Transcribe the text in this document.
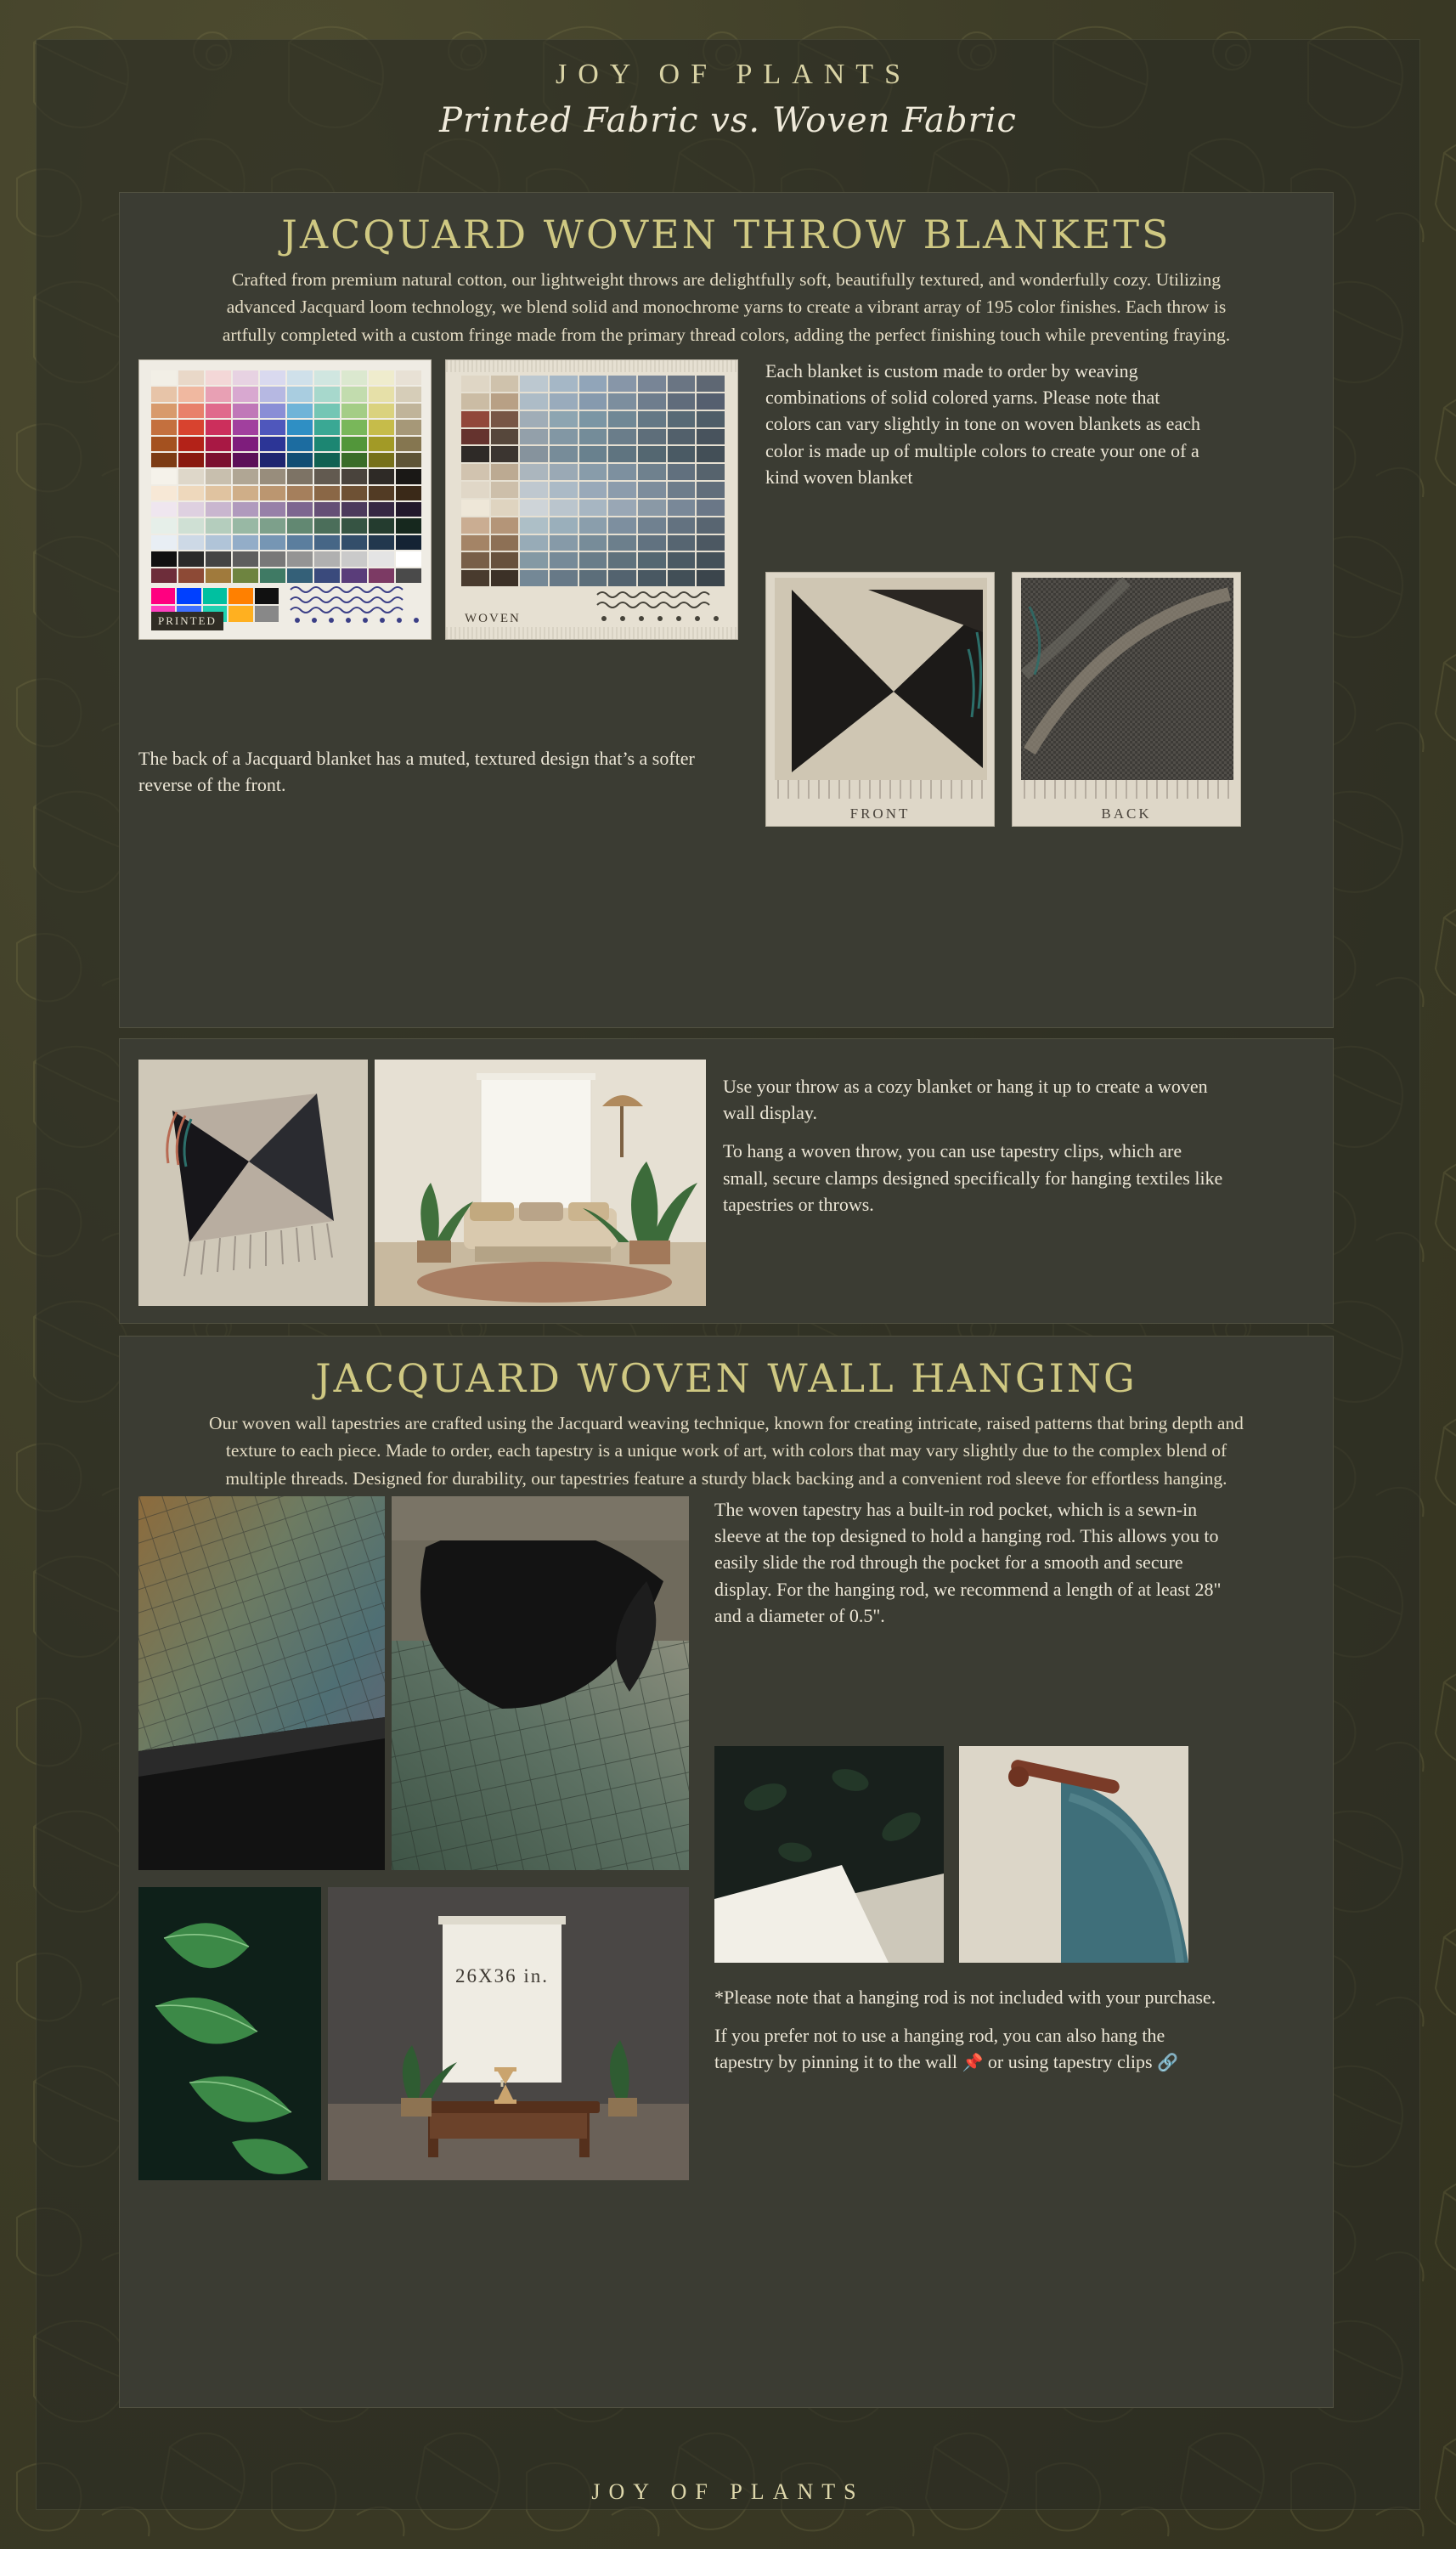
JOY OF PLANTS
Printed Fabric vs. Woven Fabric
JACQUARD WOVEN THROW BLANKETS

Crafted from premium natural cotton, our lightweight throws are delightfully soft, beautifully textured, and wonderfully cozy. Utilizing advanced Jacquard loom technology, we blend solid and monochrome yarns to create a vibrant array of 195 color finishes. Each throw is artfully completed with a custom fringe made from the primary thread colors, adding the perfect finishing touch while preventing fraying.

PRINTED	WOVEN

Each blanket is custom made to order by weaving combinations of solid colored yarns. Please note that colors can vary slightly in tone on woven blankets as each color is made up of multiple colors to create your one of a kind woven blanket

FRONT	BACK

The back of a Jacquard blanket has a muted, textured design that’s a softer reverse of the front.

Use your throw as a cozy blanket or hang it up to create a woven wall display.

To hang a woven throw, you can use tapestry clips, which are small, secure clamps designed specifically for hanging textiles like tapestries or throws.

JACQUARD WOVEN WALL HANGING

Our woven wall tapestries are crafted using the Jacquard weaving technique, known for creating intricate, raised patterns that bring depth and texture to each piece. Made to order, each tapestry is a unique work of art, with colors that may vary slightly due to the complex blend of multiple threads. Designed for durability, our tapestries feature a sturdy black backing and a convenient rod sleeve for effortless hanging.

The woven tapestry has a built-in rod pocket, which is a sewn-in sleeve at the top designed to hold a hanging rod. This allows you to easily slide the rod through the pocket for a smooth and secure display. For the hanging rod, we recommend a length of at least 28" and a diameter of 0.5".

26X36 in.

*Please note that a hanging rod is not included with your purchase.

If you prefer not to use a hanging rod, you can also hang the tapestry by pinning it to the wall 📌 or using tapestry clips 🔗

JOY OF PLANTS
